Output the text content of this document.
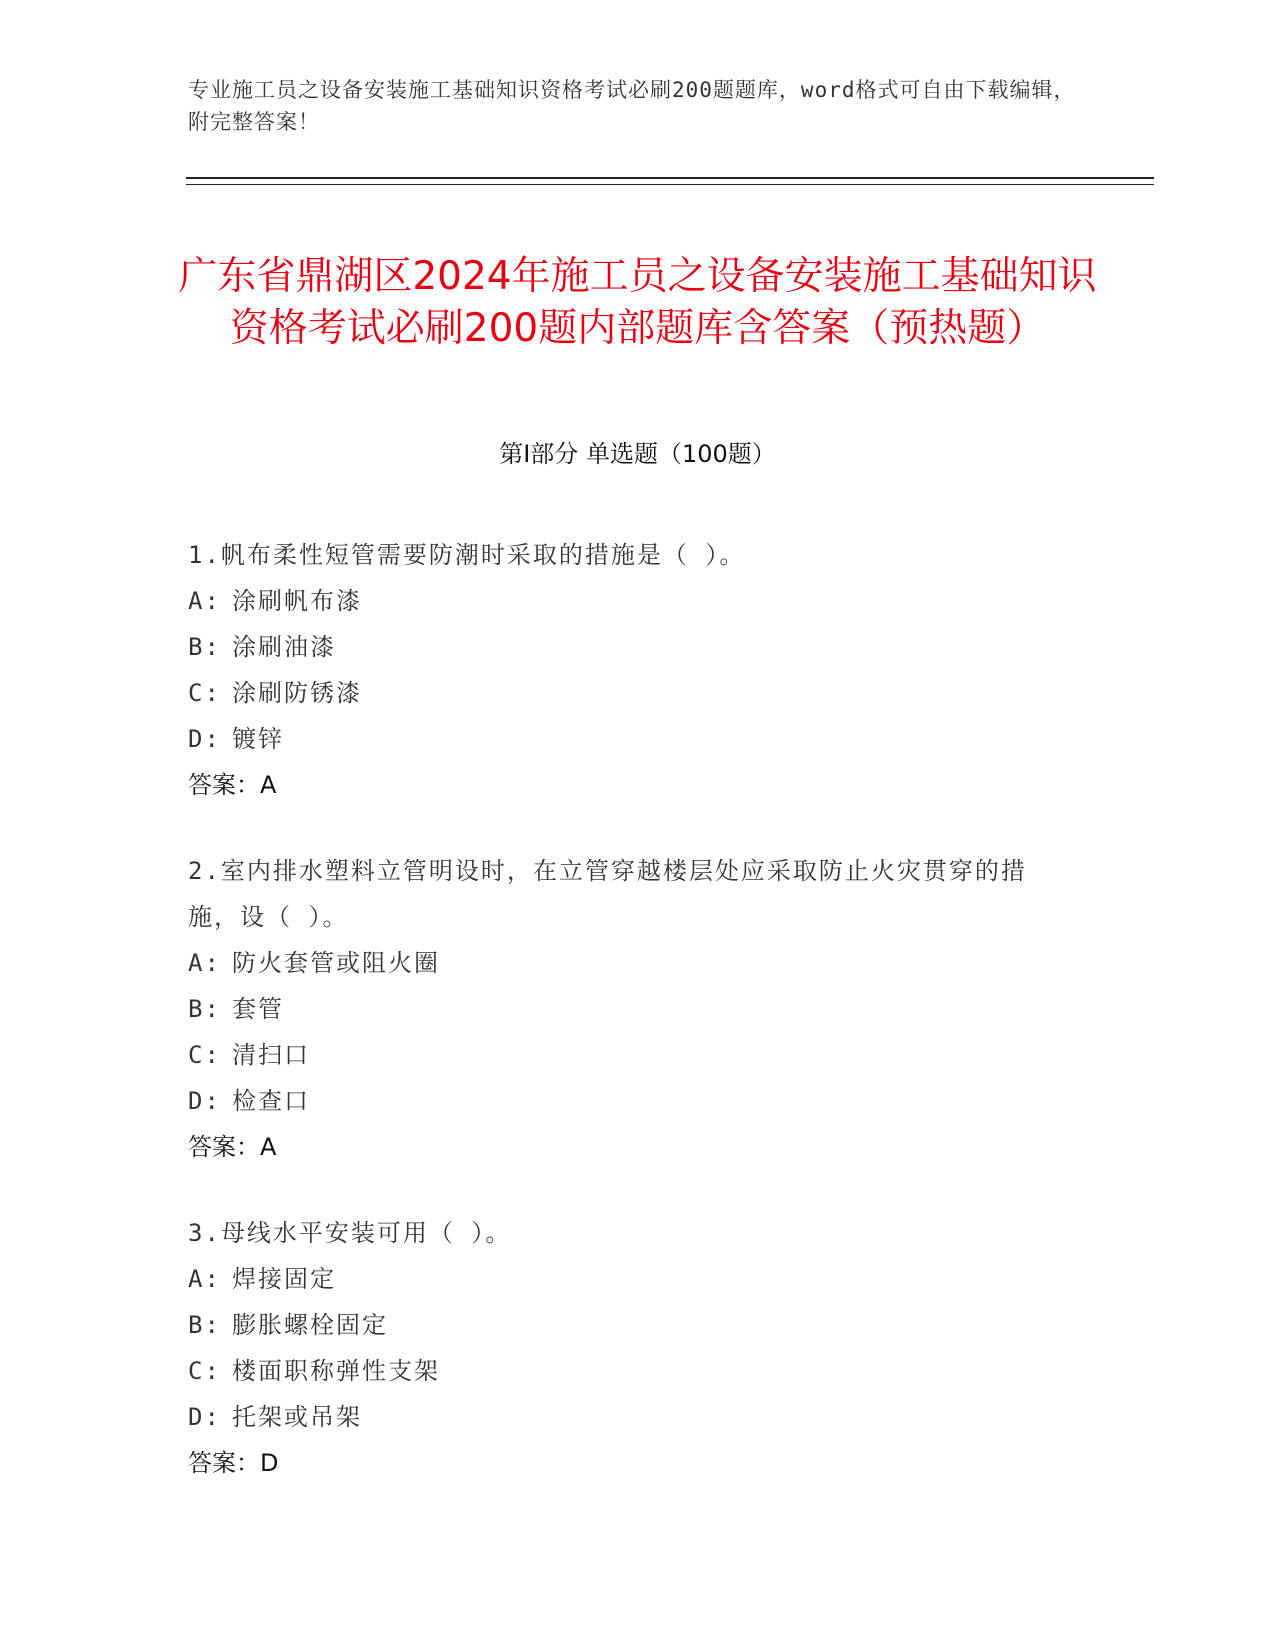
专业施工员之设备安装施工基础知识资格考试必刷200题题库，word格式可自由下载编辑，附完整答案！
广东省鼎湖区2024年施工员之设备安装施工基础知识资格考试必刷200题内部题库含答案（预热题）
第Ⅰ部分 单选题（100题）

1.帆布柔性短管需要防潮时采取的措施是（ ）。

A: 涂刷帆布漆
B: 涂刷油漆
C: 涂刷防锈漆
D: 镀锌
答案：A

2.室内排水塑料立管明设时，在立管穿越楼层处应采取防止火灾贯穿的措施，设（ ）。

A: 防火套管或阻火圈
B: 套管
C: 清扫口
D: 检查口
答案：A

3.母线水平安装可用（ ）。

A: 焊接固定
B: 膨胀螺栓固定
C: 楼面职称弹性支架
D: 托架或吊架
答案：D
